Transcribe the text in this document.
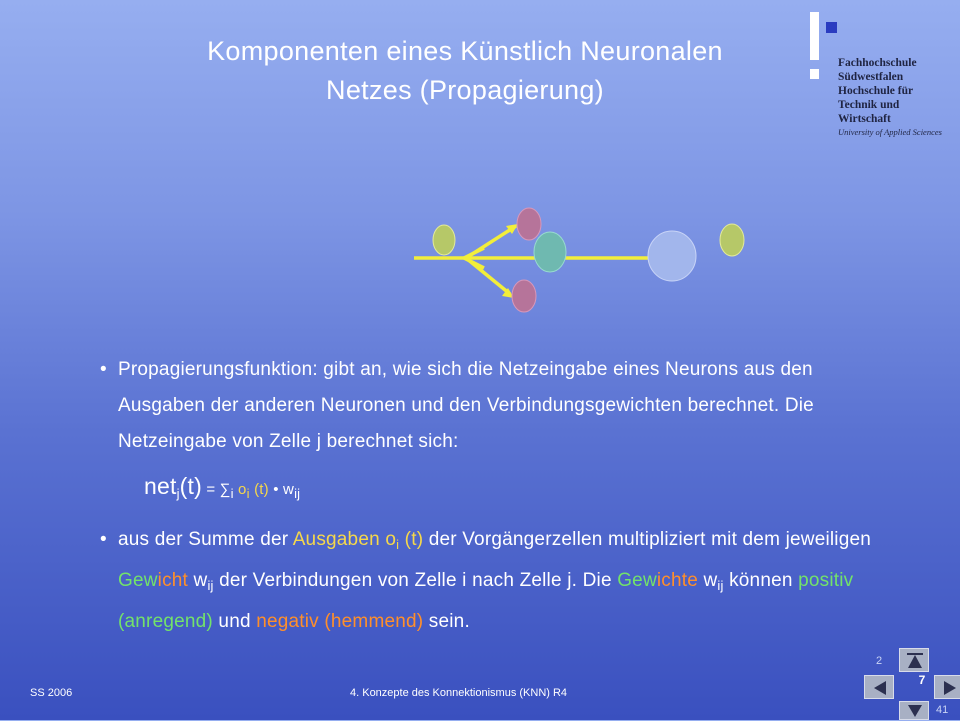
Komponenten eines Künstlich Neuronalen
Netzes (Propagierung)
Fachhochschule
Südwestfalen
Hochschule für
Technik und Wirtschaft
University of Applied Sciences
• Propagierungsfunktion: gibt an, wie sich die Netzeingabe eines Neurons aus den Ausgaben der anderen Neuronen und den Verbindungsgewichten berechnet. Die Netzeingabe von Zelle j berechnet sich:
$net_j(t) = \sum_i$ $o_i$ (t) • $w_{ij}$
• aus der Summe der Ausgaben $o_i$ (t) der Vorgängerzellen multipliziert mit dem jeweiligen Gewicht $w_{ij}$ der Verbindungen von Zelle i nach Zelle j. Die Gewichte $w_{ij}$ können positiv (anregend) und negativ (hemmend) sein.
SS 2006	4. Konzepte des Konnektionismus (KNN) R4
2
7
41
